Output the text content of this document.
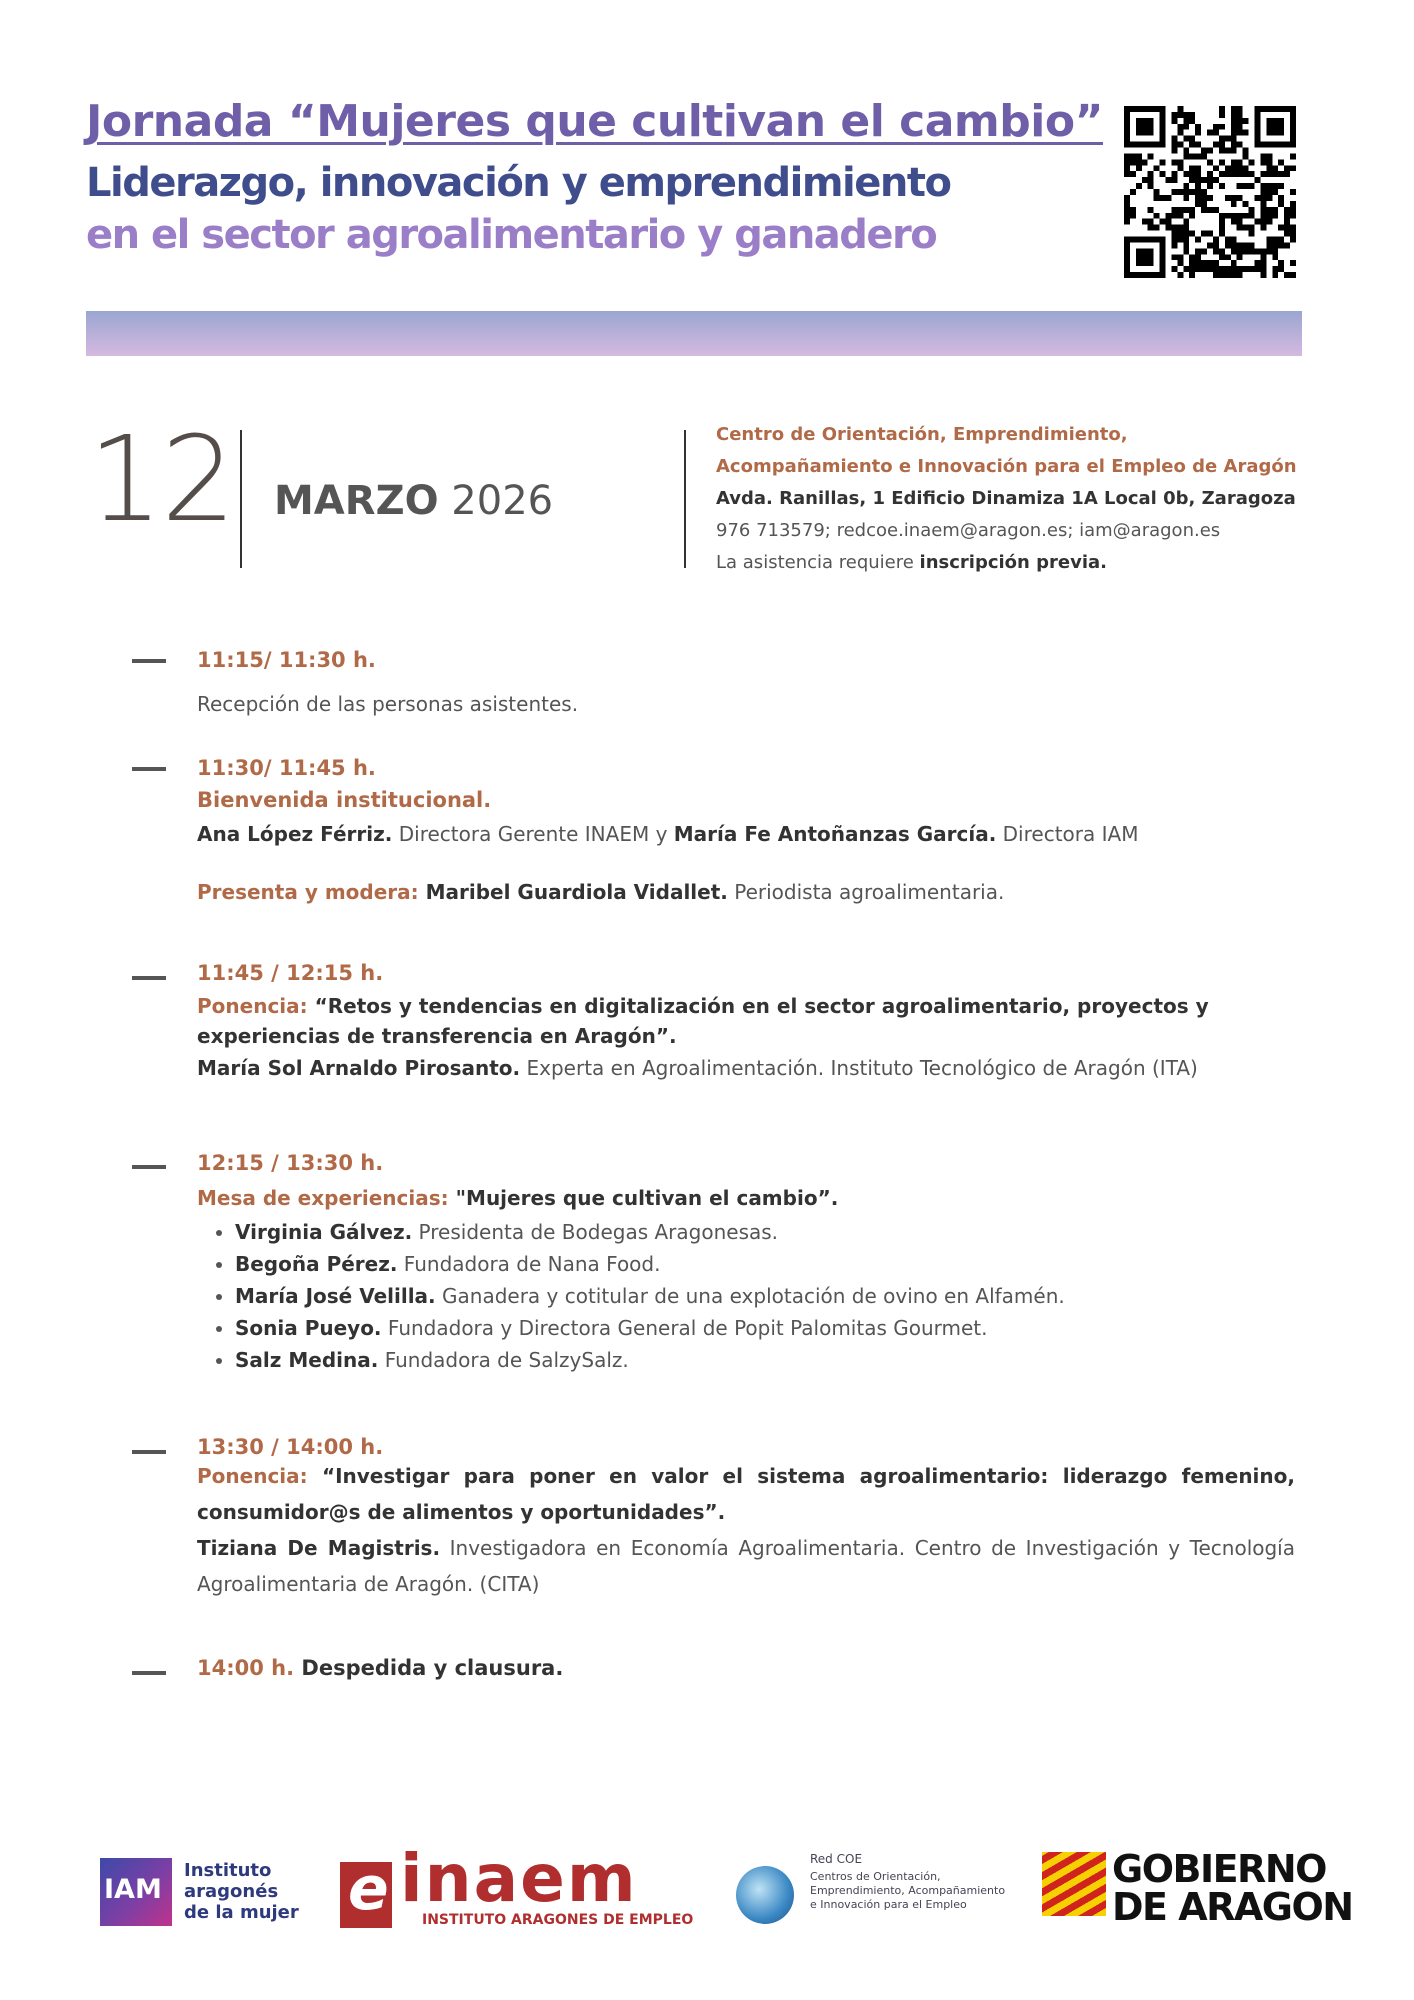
Jornada “Mujeres que cultivan el cambio”
Liderazgo, innovación y emprendimiento
en el sector agroalimentario y ganadero
12 MARZO 2026
Centro de Orientación, Emprendimiento,
Acompañamiento e Innovación para el Empleo de Aragón
Avda. Ranillas, 1 Edificio Dinamiza 1A Local 0b, Zaragoza
976 713579; redcoe.inaem@aragon.es; iam@aragon.es
La asistencia requiere inscripción previa.
11:15/ 11:30 h.
Recepción de las personas asistentes.
11:30/ 11:45 h.
Bienvenida institucional.
Ana López Férriz. Directora Gerente INAEM y María Fe Antoñanzas García. Directora IAM
Presenta y modera: Maribel Guardiola Vidallet. Periodista agroalimentaria.
11:45 / 12:15 h.
Ponencia: “Retos y tendencias en digitalización en el sector agroalimentario, proyectos y
experiencias de transferencia en Aragón”.
María Sol Arnaldo Pirosanto. Experta en Agroalimentación. Instituto Tecnológico de Aragón (ITA)
12:15 / 13:30 h.
Mesa de experiencias: "Mujeres que cultivan el cambio”.
• Virginia Gálvez. Presidenta de Bodegas Aragonesas.
• Begoña Pérez. Fundadora de Nana Food.
• María José Velilla. Ganadera y cotitular de una explotación de ovino en Alfamén.
• Sonia Pueyo. Fundadora y Directora General de Popit Palomitas Gourmet.
• Salz Medina. Fundadora de SalzySalz.
13:30 / 14:00 h.
Ponencia: “Investigar para poner en valor el sistema agroalimentario: liderazgo femenino, consumidor@s de alimentos y oportunidades”.
Tiziana De Magistris. Investigadora en Economía Agroalimentaria. Centro de Investigación y Tecnología Agroalimentaria de Aragón. (CITA)
14:00 h. Despedida y clausura.
IAM
Instituto
aragonés
de la mujer e inaem
INSTITUTO ARAGONES DE EMPLEO
Red COE
Centros de Orientación,
Emprendimiento, Acompañamiento
e Innovación para el Empleo
GOBIERNO
DE ARAGON
